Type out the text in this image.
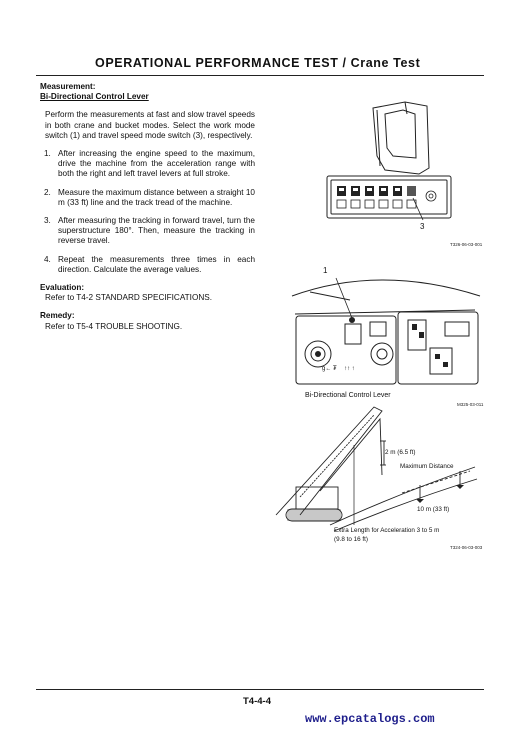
OPERATIONAL PERFORMANCE TEST / Crane Test
Measurement:
Bi-Directional Control Lever

Perform the measurements at fast and slow travel speeds in both crane and bucket modes. Select the work mode switch (1) and travel speed mode switch (3), respectively.

1. After increasing the engine speed to the maximum, drive the machine from the acceleration range with both the right and left travel levers at full stroke.
2. Measure the maximum distance between a straight 10 m (33 ft) line and the track tread of the machine.
3. After measuring the tracking in forward travel, turn the superstructure 180°. Then, measure the tracking in reverse travel.
4. Repeat the measurements three times in each direction. Calculate the average values.
Evaluation:
Refer to T4-2 STANDARD SPECIFICATIONS.
Remedy:
Refer to T5-4 TROUBLE SHOOTING.
3
T326-06-03-001
1
ɡ← ₮ ↑↑ ↑
Bi-Directional Control Lever
M325-03-011
2 m (6.5 ft)
Maximum Distance
10 m (33 ft)
Extra Length for Acceleration 3 to 5 m
(9.8 to 16 ft)
T324-06-03-003
T4-4-4
www.epcatalogs.com
